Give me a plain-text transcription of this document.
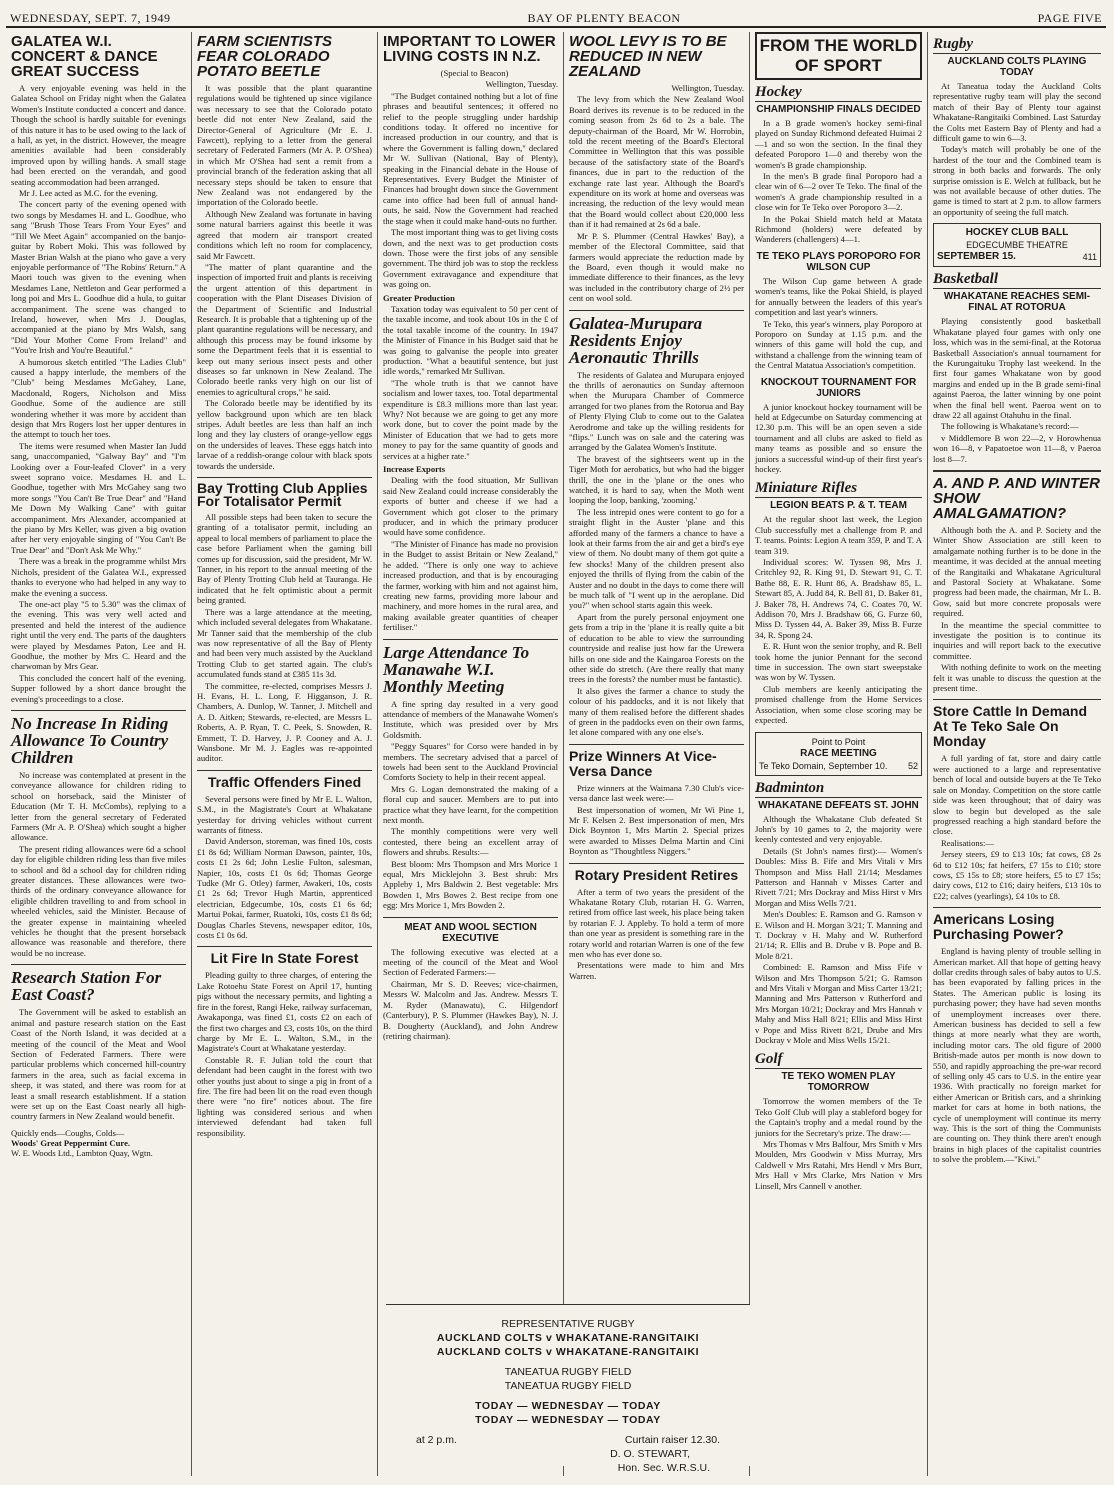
WEDNESDAY, SEPT. 7, 1949	BAY OF PLENTY BEACON	PAGE FIVE
GALATEA W.I. CONCERT & DANCE GREAT SUCCESS

A very enjoyable evening was held in the Galatea School on Friday night when the Galatea Women's Institute conducted a concert and dance. Though the school is hardly suitable for evenings of this nature it has to be used owing to the lack of a hall, as yet, in the district. However, the meagre amenities available had been considerably improved upon by willing hands. A small stage had been erected on the verandah, and good seating accommodation had been arranged.

Mr J. Lee acted as M.C. for the evening.

The concert party of the evening opened with two songs by Mesdames H. and L. Goodhue, who sang "Brush Those Tears From Your Eyes" and "Till We Meet Again" accompanied on the banjo-guitar by Robert Moki. This was followed by Master Brian Walsh at the piano who gave a very enjoyable performance of "The Robins' Return." A Maori touch was given to the evening when Mesdames Lane, Nettleton and Gear performed a long poi and Mrs L. Goodhue did a hula, to guitar accompaniment. The scene was changed to Ireland, however, when Mrs J. Douglas, accompanied at the piano by Mrs Walsh, sang "Did Your Mother Come From Ireland" and "You're Irish and You're Beautiful."

A humorous sketch entitled "The Ladies Club" caused a happy interlude, the members of the "Club" being Mesdames McGahey, Lane, Macdonald, Rogers, Nicholson and Miss Goodhue. Some of the audience are still wondering whether it was more by accident than design that Mrs Rogers lost her upper dentures in the attempt to touch her toes.

The items were resumed when Master Ian Judd sang, unaccompanied, "Galway Bay" and "I'm Looking over a Four-leafed Clover" in a very sweet soprano voice. Mesdames H. and L. Goodhue, together with Mrs McGahey sang two more songs "You Can't Be True Dear" and "Hand Me Down My Walking Cane" with guitar accompaniment. Mrs Alexander, accompanied at the piano by Mrs Keller, was given a big ovation after her very enjoyable singing of "You Can't Be True Dear" and "Don't Ask Me Why."

There was a break in the programme whilst Mrs Nichols, president of the Galatea W.I., expressed thanks to everyone who had helped in any way to make the evening a success.

The one-act play "5 to 5.30" was the climax of the evening. This was very well acted and presented and held the interest of the audience right until the very end. The parts of the daughters were played by Mesdames Paton, Lee and H. Goodhue, the mother by Mrs C. Heard and the charwoman by Mrs Gear.

This concluded the concert half of the evening. Supper followed by a short dance brought the evening's proceedings to a close.

No Increase In Riding Allowance To Country Children

No increase was contemplated at present in the conveyance allowance for children riding to school on horseback, said the Minister of Education (Mr T. H. McCombs), replying to a letter from the general secretary of Federated Farmers (Mr A. P. O'Shea) which sought a higher allowance.

The present riding allowances were 6d a school day for eligible children riding less than five miles to school and 8d a school day for children riding greater distances. These allowances were two-thirds of the ordinary conveyance allowance for eligible children travelling to and from school in wheeled vehicles, said the Minister. Because of the greater expense in maintaining wheeled vehicles he thought that the present horseback allowance was reasonable and therefore, there would be no increase.

Research Station For East Coast?

The Government will be asked to establish an animal and pasture research station on the East Coast of the North Island, it was decided at a meeting of the council of the Meat and Wool Section of Federated Farmers. There were particular problems which concerned hill-country farmers in the area, such as facial excema in sheep, it was stated, and there was room for at least a small research establishment. If a station were set up on the East Coast nearly all high-country farmers in New Zealand would benefit.

Quickly ends—Coughs, Colds—
Woods' Great Peppermint Cure.
W. E. Woods Ltd., Lambton Quay, Wgtn.
FARM SCIENTISTS FEAR COLORADO POTATO BEETLE

It was possible that the plant quarantine regulations would be tightened up since vigilance was necessary to see that the Colorado potato beetle did not enter New Zealand, said the Director-General of Agriculture (Mr E. J. Fawcett), replying to a letter from the general secretary of Federated Farmers (Mr A. P. O'Shea) in which Mr O'Shea had sent a remit from a provincial branch of the federation asking that all necessary steps should be taken to ensure that New Zealand was not endangered by the importation of the Colorado beetle.

Although New Zealand was fortunate in having some natural barriers against this beetle it was agreed that modern air transport created conditions which left no room for complacency, said Mr Fawcett.

"The matter of plant quarantine and the inspection of imported fruit and plants is receiving the urgent attention of this department in cooperation with the Plant Diseases Division of the Department of Scientific and Industrial Research. It is probable that a tightening up of the plant quarantine regulations will be necessary, and although this process may be found irksome by some the Department feels that it is essential to keep out many serious insect pests and other diseases so far unknown in New Zealand. The Colorado beetle ranks very high on our list of enemies to agricultural crops," he said.

The Colorado beetle may be identified by its yellow background upon which are ten black stripes. Adult beetles are less than half an inch long and they lay clusters of orange-yellow eggs on the undersides of leaves. These eggs hatch into larvae of a reddish-orange colour with black spots towards the underside.

Bay Trotting Club Applies For Totalisator Permit

All possible steps had been taken to secure the granting of a totalisator permit, including an appeal to local members of parliament to place the case before Parliament when the gaming bill comes up for discussion, said the president, Mr W. Tanner, in his report to the annual meeting of the Bay of Plenty Trotting Club held at Tauranga. He indicated that he felt optimistic about a permit being granted.

There was a large attendance at the meeting, which included several delegates from Whakatane. Mr Tanner said that the membership of the club was now representative of all the Bay of Plenty and had been very much assisted by the Auckland Trotting Club to get started again. The club's accumulated funds stand at £385 11s 3d.

The committee, re-elected, comprises Messrs J. H. Evans, H. L. Long, F. Higganson, J. R. Chambers, A. Dunlop, W. Tanner, J. Mitchell and A. D. Aitken; Stewards, re-elected, are Messrs L. Roberts, A. P. Ryan, T. C. Peek, S. Snowden, R. Emmett, T. D. Harvey, J. P. Cooney and A. J. Wansbone. Mr M. J. Eagles was re-appointed auditor.

Traffic Offenders Fined

Several persons were fined by Mr E. L. Walton, S.M., in the Magistrate's Court at Whakatane yesterday for driving vehicles without current warrants of fitness.

David Anderson, storeman, was fined 10s, costs £1 8s 6d; William Norman Dawson, painter, 10s, costs £1 2s 6d; John Leslie Fulton, salesman, Napier, 10s, costs £1 0s 6d; Thomas George Tudke (Mr G. Otley) farmer, Awakeri, 10s, costs £1 2s 6d; Trevor Hugh Martin, apprenticed electrician, Edgecumbe, 10s, costs £1 6s 6d; Martui Pokai, farmer, Ruatoki, 10s, costs £1 8s 6d; Douglas Charles Stevens, newspaper editor, 10s, costs £1 0s 6d.

Lit Fire In State Forest

Pleading guilty to three charges, of entering the Lake Rotoehu State Forest on April 17, hunting pigs without the necessary permits, and lighting a fire in the forest, Rangi Heke, railway surfaceman, Awakaponga, was fined £1, costs £2 on each of the first two charges and £3, costs 10s, on the third charge by Mr E. L. Walton, S.M., in the Magistrate's Court at Whakatane yesterday.

Constable R. F. Julian told the court that defendant had been caught in the forest with two other youths just about to singe a pig in front of a fire. The fire had been lit on the road even though there were "no fire" notices about. The fire lighting was considered serious and when interviewed defendant had taken full responsibility.

IMPORTANT TO LOWER LIVING COSTS IN N.Z.

(Special to Beacon)

Wellington, Tuesday.

"The Budget contained nothing but a lot of fine phrases and beautiful sentences; it offered no relief to the people struggling under hardship conditions today. It offered no incentive for increased production in our country, and that is where the Government is falling down," declared Mr W. Sullivan (National, Bay of Plenty), speaking in the Financial debate in the House of Representatives. Every Budget the Minister of Finances had brought down since the Government came into office had been full of annual hand-outs, he said. Now the Government had reached the stage when it could make hand-outs no further.

The most important thing was to get living costs down, and the next was to get production costs down. Those were the first jobs of any sensible government. The third job was to stop the reckless Government extravagance and expenditure that was going on.

Greater Production

Taxation today was equivalent to 50 per cent of the taxable income, and took about 10s in the £ of the total taxable income of the country. In 1947 the Minister of Finance in his Budget said that he was going to galvanise the people into greater production. "What a beautiful sentence, but just idle words," remarked Mr Sullivan.

"The whole truth is that we cannot have socialism and lower taxes, too. Total departmental expenditure is £8.3 millions more than last year. Why? Not because we are going to get any more work done, but to cover the point made by the Minister of Education that we had to gets more money to pay for the same quantity of goods and services at a higher rate."

Increase Exports

Dealing with the food situation, Mr Sullivan said New Zealand could increase considerably the exports of butter and cheese if we had a Government which got closer to the primary producer, and in which the primary producer would have some confidence.

"The Minister of Finance has made no provision in the Budget to assist Britain or New Zealand," he added. "There is only one way to achieve increased production, and that is by encouraging the farmer, working with him and not against him, creating new farms, providing more labour and machinery, and more homes in the rural area, and making available greater quantities of cheaper fertiliser."

Large Attendance To Manawahe W.I. Monthly Meeting

A fine spring day resulted in a very good attendance of members of the Manawahe Women's Institute, which was presided over by Mrs Goldsmith.

"Peggy Squares" for Corso were handed in by members. The secretary advised that a parcel of towels had been sent to the Auckland Provincial Comforts Society to help in their recent appeal.

Mrs G. Logan demonstrated the making of a floral cup and saucer. Members are to put into practice what they have learnt, for the competition next month.

The monthly competitions were very well contested, there being an excellent array of flowers and shrubs. Results:—

Best bloom: Mrs Thompson and Mrs Morice 1 equal, Mrs Micklejohn 3. Best shrub: Mrs Appleby 1, Mrs Baldwin 2. Best vegetable: Mrs Bowden 1, Mrs Bowes 2. Best recipe from one egg: Mrs Morice 1, Mrs Bowden 2.

MEAT AND WOOL SECTION EXECUTIVE

The following executive was elected at a meeting of the council of the Meat and Wool Section of Federated Farmers:—

Chairman, Mr S. D. Reeves; vice-chairmen, Messrs W. Malcolm and Jas. Andrew. Messrs T. M. Ryder (Manawatu), C. Hilgendorf (Canterbury), P. S. Plummer (Hawkes Bay), N. J. B. Dougherty (Auckland), and John Andrew (retiring chairman).

WOOL LEVY IS TO BE REDUCED IN NEW ZEALAND

Wellington, Tuesday.

The levy from which the New Zealand Wool Board derives its revenue is to be reduced in the coming season from 2s 6d to 2s a bale. The deputy-chairman of the Board, Mr W. Horrobin, told the recent meeting of the Board's Electoral Committee in Wellington that this was possible because of the satisfactory state of the Board's finances, due in part to the reduction of the exchange rate last year. Although the Board's expenditure on its work at home and overseas was increasing, the reduction of the levy would mean that the Board would collect about £20,000 less than if it had remained at 2s 6d a bale.

Mr P. S. Plummer (Central Hawkes' Bay), a member of the Electoral Committee, said that farmers would appreciate the reduction made by the Board, even though it would make no immediate difference to their finances, as the levy was included in the contributory charge of 2½ per cent on wool sold.

Galatea-Murupara Residents Enjoy Aeronautic Thrills

The residents of Galatea and Murupara enjoyed the thrills of aeronautics on Sunday afternoon when the Murupara Chamber of Commerce arranged for two planes from the Rotorua and Bay of Plenty Flying Club to come out to the Galatea Aerodrome and take up the willing residents for "flips." Lunch was on sale and the catering was arranged by the Galatea Women's Institute.

The bravest of the sightseers went up in the Tiger Moth for aerobatics, but who had the bigger thrill, the one in the 'plane or the ones who watched, it is hard to say, when the Moth went looping the loop, banking, 'zooming.'

The less intrepid ones were content to go for a straight flight in the Auster 'plane and this afforded many of the farmers a chance to have a look at their farms from the air and get a bird's eye view of them. No doubt many of them got quite a few shocks! Many of the children present also enjoyed the thrills of flying from the cabin of the Auster and no doubt in the days to come there will be much talk of "I went up in the aeroplane. Did you?" when school starts again this week.

Apart from the purely personal enjoyment one gets from a trip in the 'plane it is really quite a bit of education to be able to view the surrounding countryside and realise just how far the Urewera hills on one side and the Kaingaroa Forests on the other side do stretch. (Are there really that many trees in the forests? the number must be fantastic).

It also gives the farmer a chance to study the colour of his paddocks, and it is not likely that many of them realised before the different shades of green in the paddocks even on their own farms, let alone compared with any one else's.

Prize Winners At Vice-Versa Dance

Prize winners at the Waimana 7.30 Club's vice-versa dance last week were:—

Best impersonation of women, Mr Wi Pine 1, Mr F. Kelsen 2. Best impersonation of men, Mrs Dick Boynton 1, Mrs Martin 2. Special prizes were awarded to Misses Delma Martin and Cini Boynton as "Thoughtless Niggers."

Rotary President Retires

After a term of two years the president of the Whakatane Rotary Club, rotarian H. G. Warren, retired from office last week, his place being taken by rotarian F. J. Appleby. To hold a term of more than one year as president is something rare in the rotary world and rotarian Warren is one of the few men who has ever done so.

Presentations were made to him and Mrs Warren.

FROM THE WORLD OF SPORT
Hockey
CHAMPIONSHIP FINALS DECIDED

In a B grade women's hockey semi-final played on Sunday Richmond defeated Huimai 2—1 and so won the section. In the final they defeated Poroporo 1—0 and thereby won the women's B grade championship.

In the men's B grade final Poroporo had a clear win of 6—2 over Te Teko. The final of the women's A grade championship resulted in a close win for Te Teko over Poroporo 3—2.

In the Pokai Shield match held at Matata Richmond (holders) were defeated by Wanderers (challengers) 4—1.

TE TEKO PLAYS POROPORO FOR WILSON CUP

The Wilson Cup game between A grade women's teams, like the Pokai Shield, is played for annually between the leaders of this year's competition and last year's winners.

Te Teko, this year's winners, play Poroporo at Poroporo on Sunday at 1.15 p.m. and the winners of this game will hold the cup, and withstand a challenge from the winning team of the Central Matatua Association's competition.

KNOCKOUT TOURNAMENT FOR JUNIORS

A junior knockout hockey tournament will be held at Edgecumbe on Saturday commencing at 12.30 p.m. This will be an open seven a side tournament and all clubs are asked to field as many teams as possible and so ensure the juniors a successful wind-up of their first year's hockey.

Miniature Rifles
LEGION BEATS P. & T. TEAM

At the regular shoot last week, the Legion Club successfully met a challenge from P. and T. teams. Points: Legion A team 359, P. and T. A team 319.

Individual scores: W. Tyssen 98, Mrs J. Critchley 92, R. King 91, D. Stewart 91, C. T. Bathe 88, E. R. Hunt 86, A. Bradshaw 85, L. Stewart 85, A. Judd 84, R. Bell 81, D. Baker 81, J. Baker 78, H. Andrews 74, C. Coates 70, W. Addison 70, Mrs J. Bradshaw 66, G. Furze 60, Miss D. Tyssen 44, A. Baker 39, Miss B. Furze 34, R. Spong 24.

E. R. Hunt won the senior trophy, and R. Bell took home the junior Pennant for the second time in succession. The own start sweepstake was won by W. Tyssen.

Club members are keenly anticipating the promised challenge from the Home Services Association, when some close scoring may be expected.

Point to Point
RACE MEETING
Te Teko Domain, September 10. 52
Badminton
WHAKATANE DEFEATS ST. JOHN

Although the Whakatane Club defeated St John's by 10 games to 2, the majority were keenly contested and very enjoyable.

Details (St John's names first):— Women's Doubles: Miss B. Fife and Mrs Vitali v Mrs Thompson and Miss Hall 21/14; Mesdames Patterson and Hannah v Misses Carter and Rivett 7/21; Mrs Dockray and Miss Hirst v Mrs Morgan and Miss Wells 7/21.

Men's Doubles: E. Ramson and G. Ramson v E. Wilson and H. Morgan 3/21; T. Manning and T. Dockray v H. Mahy and W. Rutherford 21/14; R. Ellis and B. Drube v B. Pope and B. Mole 8/21.

Combined: E. Ramson and Miss Fife v Wilson and Mrs Thompson 5/21; G. Ramson and Mrs Vitali v Morgan and Miss Carter 13/21; Manning and Mrs Patterson v Rutherford and Mrs Morgan 10/21; Dockray and Mrs Hannah v Mahy and Miss Hall 8/21; Ellis and Miss Hirst v Pope and Miss Rivett 8/21, Drube and Mrs Dockray v Mole and Miss Wells 15/21.

Golf
TE TEKO WOMEN PLAY TOMORROW

Tomorrow the women members of the Te Teko Golf Club will play a stableford bogey for the Captain's trophy and a medal round by the juniors for the Secretary's prize. The draw:—

Mrs Thomas v Mrs Balfour, Mrs Smith v Mrs Moulden, Mrs Goodwin v Miss Murray, Mrs Caldwell v Mrs Ratahi, Mrs Hendl v Mrs Burr, Mrs Hall v Mrs Clarke, Mrs Nation v Mrs Linsell, Mrs Cannell v another.

Rugby
AUCKLAND COLTS PLAYING TODAY

At Taneatua today the Auckland Colts representative rugby team will play the second match of their Bay of Plenty tour against Whakatane-Rangitaiki Combined. Last Saturday the Colts met Eastern Bay of Plenty and had a difficult game to win 6—3.

Today's match will probably be one of the hardest of the tour and the Combined team is strong in both backs and forwards. The only surprise omission is E. Welch at fullback, but he was not available because of other duties. The game is timed to start at 2 p.m. to allow farmers an opportunity of seeing the full match.

HOCKEY CLUB BALL
EDGECUMBE THEATRE
SEPTEMBER 15.	411
Basketball
WHAKATANE REACHES SEMI-FINAL AT ROTORUA

Playing consistently good basketball Whakatane played four games with only one loss, which was in the semi-final, at the Rotorua Basketball Association's annual tournament for the Kurungaituku Trophy last weekend. In the first four games Whakatane won by good margins and ended up in the B grade semi-final against Paeroa, the latter winning by one point when the final bell went. Paeroa went on to draw 22 all against Otahuhu in the final.

The following is Whakatane's record:—

v Middlemore B won 22—2, v Horowhenua won 16—8, v Papatoetoe won 11—8, v Paeroa lost 8—7.

A. AND P. AND WINTER SHOW AMALGAMATION?

Although both the A. and P. Society and the Winter Show Association are still keen to amalgamate nothing further is to be done in the meantime, it was decided at the annual meeting of the Rangitaiki and Whakatane Agricultural and Pastoral Society at Whakatane. Some progress had been made, the chairman, Mr L. B. Gow, said but more concrete proposals were required.

In the meantime the special committee to investigate the position is to continue its inquiries and will report back to the executive committee.

With nothing definite to work on the meeting felt it was unable to discuss the question at the present time.

Store Cattle In Demand At Te Teko Sale On Monday

A full yarding of fat, store and dairy cattle were auctioned to a large and representative bench of local and outside buyers at the Te Teko sale on Monday. Competition on the store cattle side was keen throughout; that of dairy was slow to begin but developed as the sale progressed reaching a high standard before the close.

Realisations:—

Jersey steers, £9 to £13 10s; fat cows, £8 2s 6d to £12 10s; fat heifers, £7 15s to £10; store cows, £5 15s to £8; store heifers, £5 to £7 15s; dairy cows, £12 to £16; dairy heifers, £13 10s to £22; calves (yearlings), £4 10s to £8.

Americans Losing Purchasing Power?

England is having plenty of trouble selling in American market. All that hope of getting heavy dollar credits through sales of baby autos to U.S. has been evaporated by falling prices in the States. The American public is losing its purchasing power; they have had seven months of unemployment increases over there. American business has decided to sell a few things at more nearly what they are worth, including motor cars. The old figure of 2000 British-made autos per month is now down to 550, and rapidly approaching the pre-war record of selling only 45 cars to U.S. in the entire year 1936. With practically no foreign market for either American or British cars, and a shrinking market for cars at home in both nations, the cycle of unemployment will continue its merry way. This is the sort of thing the Communists are counting on. They think there aren't enough brains in high places of the capitalist countries to solve the problem.—"Kiwi."

REPRESENTATIVE RUGBY
AUCKLAND COLTS v WHAKATANE-RANGITAIKI
AUCKLAND COLTS v WHAKATANE-RANGITAIKI
TANEATUA RUGBY FIELD
TANEATUA RUGBY FIELD
TODAY — WEDNESDAY — TODAY
TODAY — WEDNESDAY — TODAY
at 2 p.m.	Curtain raiser 12.30.
D. O. STEWART,
Hon. Sec. W.R.S.U.
